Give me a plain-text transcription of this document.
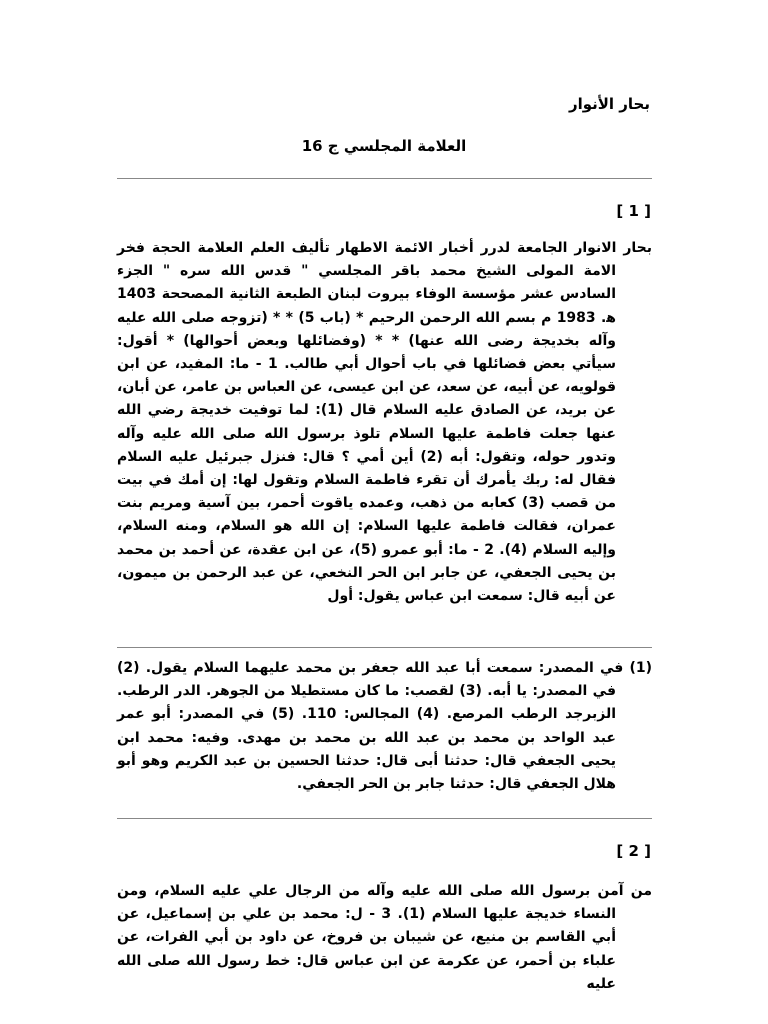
بحار الأنوار
العلامة المجلسي ج 16
[ 1 ]

بحار الانوار الجامعة لدرر أخبار الائمة الاطهار تأليف العلم العلامة الحجة فخر الامة المولى الشيخ محمد باقر المجلسي " قدس الله سره " الجزء السادس عشر مؤسسة الوفاء بيروت لبنان الطبعة الثانية المصححة 1403 ه‍. 1983 م بسم الله الرحمن الرحيم * (باب 5) * * (تزوجه صلى الله عليه وآله بخديجة رضى الله عنها) * * (وفضائلها وبعض أحوالها) * أقول: سيأتي بعض فضائلها في باب أحوال أبي طالب. 1 - ما: المفيد، عن ابن قولويه، عن أبيه، عن سعد، عن ابن عيسى، عن العباس بن عامر، عن أبان، عن بريد، عن الصادق عليه السلام قال (1): لما توفيت خديجة رضي الله عنها جعلت فاطمة عليها السلام تلوذ برسول الله صلى الله عليه وآله وتدور حوله، وتقول: أبه (2) أين أمي ؟ قال: فنزل جبرئيل عليه السلام فقال له: ربك يأمرك أن تقرء فاطمة السلام وتقول لها: إن أمك في بيت من قصب (3) كعابه من ذهب، وعمده ياقوت أحمر، بين آسية ومريم بنت عمران، فقالت فاطمة عليها السلام: إن الله هو السلام، ومنه السلام، وإليه السلام (4). 2 - ما: أبو عمرو (5)، عن ابن عقدة، عن أحمد بن محمد بن يحيى الجعفي، عن جابر ابن الحر النخعي، عن عبد الرحمن بن ميمون، عن أبيه قال: سمعت ابن عباس يقول: أول

(1) في المصدر: سمعت أبا عبد الله جعفر بن محمد عليهما السلام يقول. (2) في المصدر: يا أبه. (3) لقصب: ما كان مستطيلا من الجوهر. الدر الرطب. الزبرجد الرطب المرصع. (4) المجالس: 110. (5) في المصدر: أبو عمر عبد الواحد بن محمد بن عبد الله بن محمد بن مهدى. وفيه: محمد ابن يحيى الجعفي قال: حدثنا أبى قال: حدثنا الحسين بن عبد الكريم وهو أبو هلال الجعفي قال: حدثنا جابر بن الحر الجعفي.

[ 2 ]

من آمن برسول الله صلى الله عليه وآله من الرجال علي عليه السلام، ومن النساء خديجة عليها السلام (1). 3 - ل: محمد بن علي بن إسماعيل، عن أبي القاسم بن منيع، عن شيبان بن فروخ، عن داود بن أبي الفرات، عن علباء بن أحمر، عن عكرمة عن ابن عباس قال: خط رسول الله صلى الله عليه
